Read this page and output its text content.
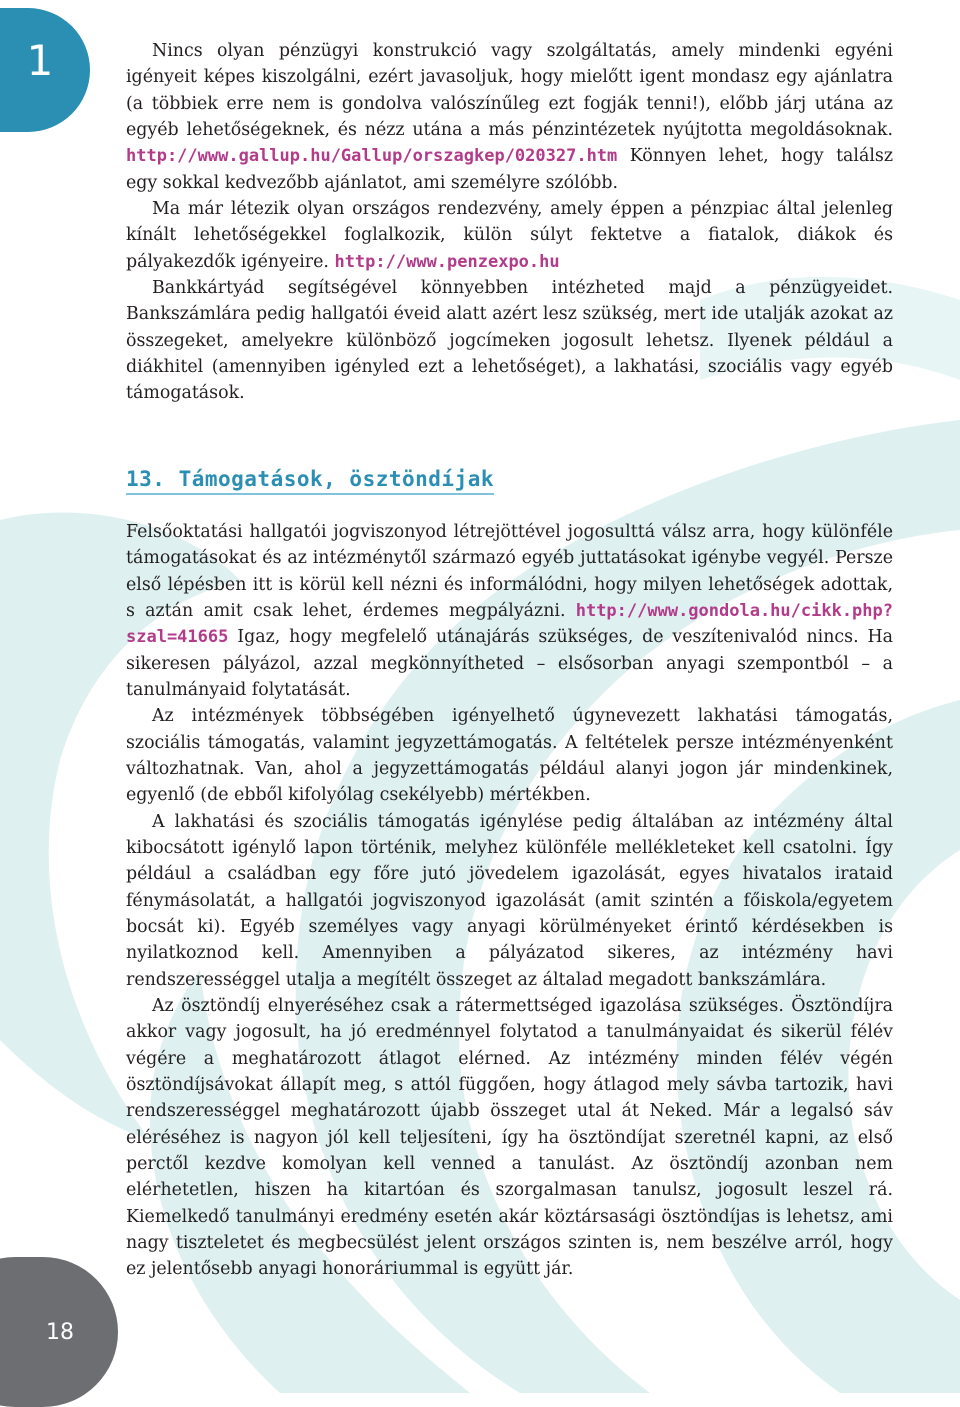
1	Nincs olyan pénzügyi konstrukció vagy szolgáltatás, amely mindenki egyéni igényeit képes kiszolgálni, ezért javasoljuk, hogy mielőtt igent mondasz egy ajánlatra (a többiek erre nem is gondolva valószínűleg ezt fogják tenni!), előbb járj utána az egyéb lehetőségeknek, és nézz utána a más pénzintézetek nyújtotta megoldásoknak. http://www.gallup.hu/Gallup/orszagkep/020327.htm Könnyen lehet, hogy találsz egy sokkal kedvezőbb ajánlatot, ami személyre szólóbb.

Ma már létezik olyan országos rendezvény, amely éppen a pénzpiac által jelenleg kínált lehetőségekkel foglalkozik, külön súlyt fektetve a fiatalok, diákok és pályakezdők igényeire. http://www.penzexpo.hu

Bankkártyád segítségével könnyebben intézheted majd a pénzügyeidet. Bankszámlára pedig hallgatói éveid alatt azért lesz szükség, mert ide utalják azokat az összegeket, amelyekre különböző jogcímeken jogosult lehetsz. Ilyenek például a diákhitel (amennyiben igényled ezt a lehetőséget), a lakhatási, szociális vagy egyéb támogatások.

13. Támogatások, ösztöndíjak

Felsőoktatási hallgatói jogviszonyod létrejöttével jogosulttá válsz arra, hogy különféle támogatásokat és az intézménytől származó egyéb juttatásokat igénybe vegyél. Persze első lépésben itt is körül kell nézni és informálódni, hogy milyen lehetőségek adottak, s aztán amit csak lehet, érdemes megpályázni. http://www.gondola.hu/cikk.php?szal=41665 Igaz, hogy megfelelő utánajárás szükséges, de veszítenivalód nincs. Ha sikeresen pályázol, azzal megkönnyítheted – elsősorban anyagi szempontból – a tanulmányaid folytatását.

Az intézmények többségében igényelhető úgynevezett lakhatási támogatás, szociális támogatás, valamint jegyzettámogatás. A feltételek persze intézményenként változhatnak. Van, ahol a jegyzettámogatás például alanyi jogon jár mindenkinek, egyenlő (de ebből kifolyólag csekélyebb) mértékben.

A lakhatási és szociális támogatás igénylése pedig általában az intézmény által kibocsátott igénylő lapon történik, melyhez különféle mellékleteket kell csatolni. Így például a családban egy főre jutó jövedelem igazolását, egyes hivatalos irataid fénymásolatát, a hallgatói jogviszonyod igazolását (amit szintén a főiskola/egyetem bocsát ki). Egyéb személyes vagy anyagi körülményeket érintő kérdésekben is nyilatkoznod kell. Amennyiben a pályázatod sikeres, az intézmény havi rendszerességgel utalja a megítélt összeget az általad megadott bankszámlára.

Az ösztöndíj elnyeréséhez csak a rátermettséged igazolása szükséges. Ösztöndíjra akkor vagy jogosult, ha jó eredménnyel folytatod a tanulmányaidat és sikerül félév végére a meghatározott átlagot elérned. Az intézmény minden félév végén ösztöndíjsávokat állapít meg, s attól függően, hogy átlagod mely sávba tartozik, havi rendszerességgel meghatározott újabb összeget utal át Neked. Már a legalsó sáv eléréséhez is nagyon jól kell teljesíteni, így ha ösztöndíjat szeretnél kapni, az első perctől kezdve komolyan kell venned a tanulást. Az ösztöndíj azonban nem elérhetetlen, hiszen ha kitartóan és szorgalmasan tanulsz, jogosult leszel rá. Kiemelkedő tanulmányi eredmény esetén akár köztársasági ösztöndíjas is lehetsz, ami nagy tiszteletet és megbecsülést jelent országos szinten is, nem beszélve arról, hogy ez jelentősebb anyagi honoráriummal is együtt jár.

18
